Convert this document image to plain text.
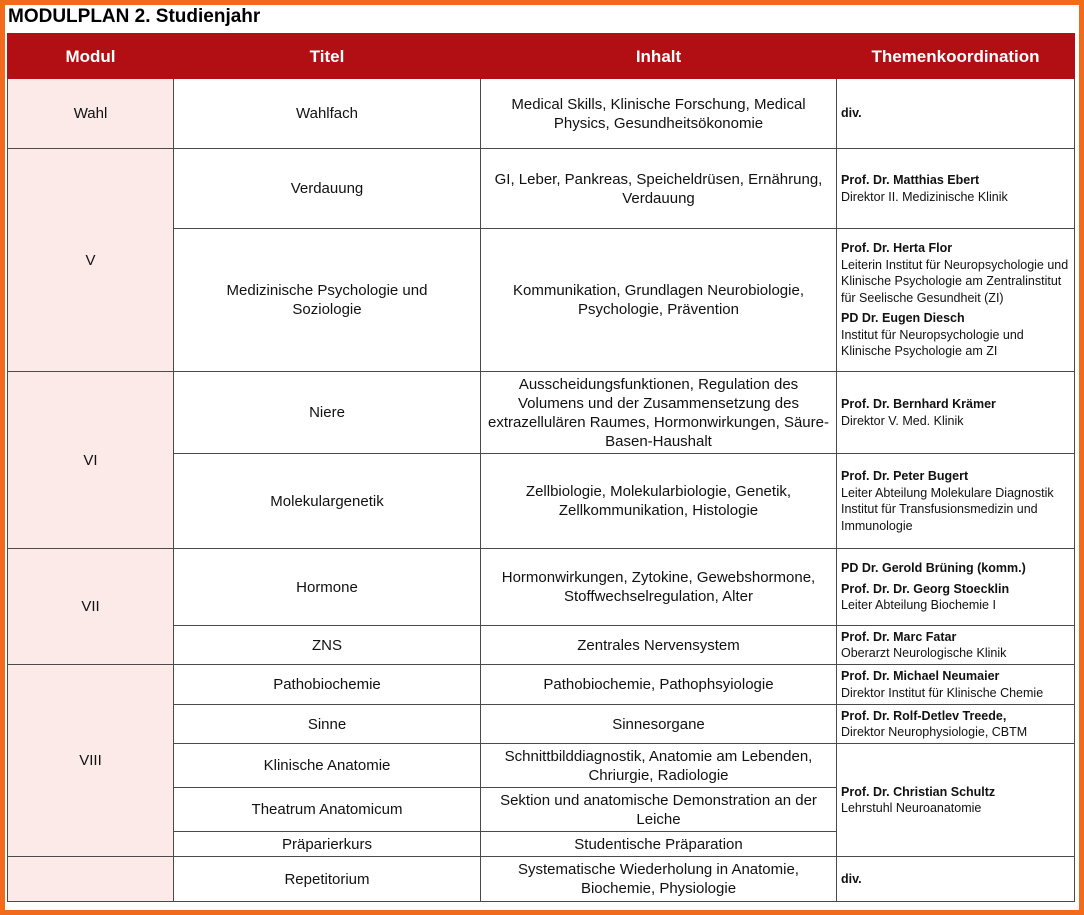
MODULPLAN 2. Studienjahr
Modul	Titel	Inhalt	Themenkoordination
Wahl	Wahlfach	Medical Skills, Klinische Forschung, Medical Physics, Gesundheitsökonomie	div.

V	Verdauung	GI, Leber, Pankreas, Speicheldrüsen, Ernährung, Verdauung	Prof. Dr. Matthias Ebert
Direktor II. Medizinische Klinik

	Medizinische Psychologie und Soziologie	Kommunikation, Grundlagen Neurobiologie, Psychologie, Prävention	Prof. Dr. Herta Flor
Leiterin Institut für Neuropsychologie und Klinische Psychologie am Zentralinstitut für Seelische Gesundheit (ZI)
PD Dr. Eugen Diesch
Institut für Neuropsychologie und Klinische Psychologie am ZI

VI	Niere	Ausscheidungsfunktionen, Regulation des Volumens und der Zusammensetzung des extrazellulären Raumes, Hormonwirkungen, Säure-Basen-Haushalt	Prof. Dr. Bernhard Krämer
Direktor V. Med. Klinik

	Molekulargenetik	Zellbiologie, Molekularbiologie, Genetik, Zellkommunikation, Histologie	Prof. Dr. Peter Bugert
Leiter Abteilung Molekulare Diagnostik Institut für Transfusionsmedizin und Immunologie

VII	Hormone	Hormonwirkungen, Zytokine, Gewebshormone, Stoffwechselregulation, Alter	PD Dr. Gerold Brüning (komm.)
Prof. Dr. Dr. Georg Stoecklin
Leiter Abteilung Biochemie I

	ZNS	Zentrales Nervensystem	Prof. Dr. Marc Fatar
Oberarzt Neurologische Klinik

VIII	Pathobiochemie	Pathobiochemie, Pathophsyiologie	Prof. Dr. Michael Neumaier
Direktor Institut für Klinische Chemie

	Sinne	Sinnesorgane	Prof. Dr. Rolf-Detlev Treede,
Direktor Neurophysiologie, CBTM

	Klinische Anatomie	Schnittbilddiagnostik, Anatomie am Lebenden, Chriurgie, Radiologie	Prof. Dr. Christian Schultz
Lehrstuhl Neuroanatomie

	Theatrum Anatomicum	Sektion und anatomische Demonstration an der Leiche	
	Präparierkurs	Studentische Präparation	
	Repetitorium	Systematische Wiederholung in Anatomie, Biochemie, Physiologie	div.
